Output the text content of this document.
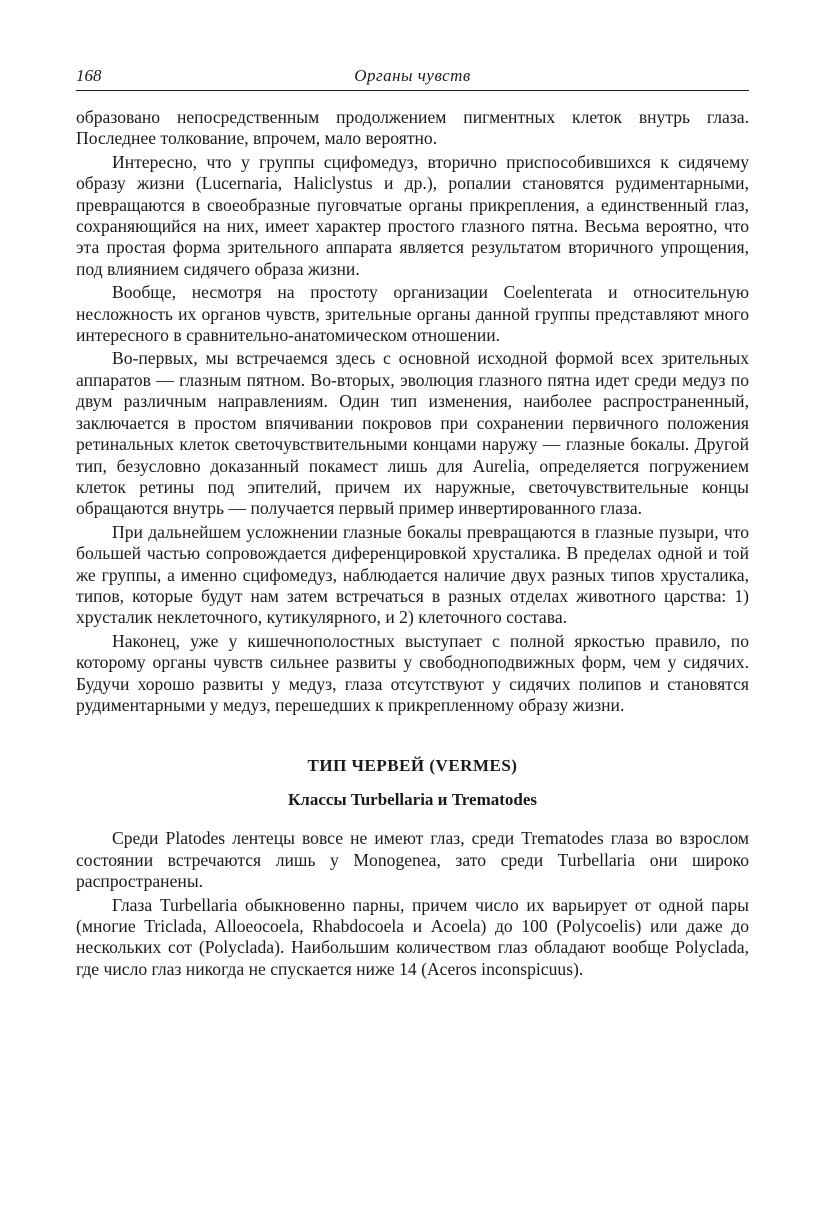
168	Органы чувств

образовано непосредственным продолжением пигментных клеток внутрь глаза. Последнее толкование, впрочем, мало вероятно.

Интересно, что у группы сцифомедуз, вторично приспособившихся к сидячему образу жизни (Lucernaria, Haliclystus и др.), ропалии становятся рудиментарными, превращаются в своеобразные пуговчатые органы прикрепления, а единственный глаз, сохраняющийся на них, имеет характер простого глазного пятна. Весьма вероятно, что эта простая форма зрительного аппарата является результатом вторичного упрощения, под влиянием сидячего образа жизни.

Вообще, несмотря на простоту организации Coelenterata и относительную несложность их органов чувств, зрительные органы данной группы представляют много интересного в сравнительно-анатомическом отношении.

Во-первых, мы встречаемся здесь с основной исходной формой всех зрительных аппаратов — глазным пятном. Во-вторых, эволюция глазного пятна идет среди медуз по двум различным направлениям. Один тип изменения, наиболее распространенный, заключается в простом впячивании покровов при сохранении первичного положения ретинальных клеток светочувствительными концами наружу — глазные бокалы. Другой тип, безусловно доказанный покамест лишь для Aurelia, определяется погружением клеток ретины под эпителий, причем их наружные, светочувствительные концы обращаются внутрь — получается первый пример инвертированного глаза.

При дальнейшем усложнении глазные бокалы превращаются в глазные пузыри, что большей частью сопровождается диференцировкой хрусталика. В пределах одной и той же группы, а именно сцифомедуз, наблюдается наличие двух разных типов хрусталика, типов, которые будут нам затем встречаться в разных отделах животного царства: 1) хрусталик неклеточного, кутикулярного, и 2) клеточного состава.

Наконец, уже у кишечнополостных выступает с полной яркостью правило, по которому органы чувств сильнее развиты у свободноподвижных форм, чем у сидячих. Будучи хорошо развиты у медуз, глаза отсутствуют у сидячих полипов и становятся рудиментарными у медуз, перешедших к прикрепленному образу жизни.

ТИП ЧЕРВЕЙ (VERMES)
Классы Turbellaria и Trematodes

Среди Platodes лентецы вовсе не имеют глаз, среди Trematodes глаза во взрослом состоянии встречаются лишь у Monogenea, зато среди Turbellaria они широко распространены.

Глаза Turbellaria обыкновенно парны, причем число их варьирует от одной пары (многие Triclada, Alloeocoela, Rhabdocoela и Acoela) до 100 (Polycoelis) или даже до нескольких сот (Polyclada). Наибольшим количеством глаз обладают вообще Polyclada, где число глаз никогда не спускается ниже 14 (Aceros inconspicuus).
